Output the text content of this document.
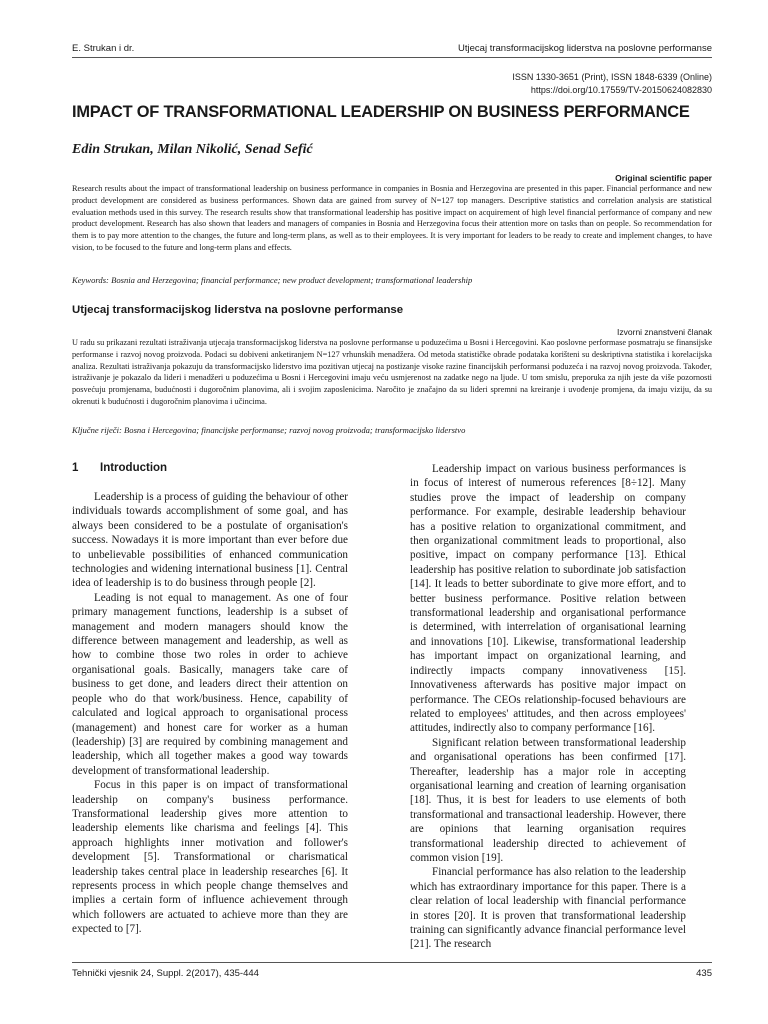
E. Strukan i dr.	Utjecaj transformacijskog liderstva na poslovne performanse
ISSN 1330-3651 (Print), ISSN 1848-6339 (Online)
https://doi.org/10.17559/TV-20150624082830
IMPACT OF TRANSFORMATIONAL LEADERSHIP ON BUSINESS PERFORMANCE
Edin Strukan, Milan Nikolić, Senad Sefić
Original scientific paper

Research results about the impact of transformational leadership on business performance in companies in Bosnia and Herzegovina are presented in this paper. Financial performance and new product development are considered as business performances. Shown data are gained from survey of N=127 top managers. Descriptive statistics and correlation analysis are statistical evaluation methods used in this survey. The research results show that transformational leadership has positive impact on acquirement of high level financial performance of company and new product development. Research has also shown that leaders and managers of companies in Bosnia and Herzegovina focus their attention more on tasks than on people. So recommendation for them is to pay more attention to the changes, the future and long-term plans, as well as to their employees. It is very important for leaders to be ready to create and implement changes, to have vision, to be focused to the future and long-term plans and effects.

Keywords: Bosnia and Herzegovina; financial performance; new product development; transformational leadership
Utjecaj transformacijskog liderstva na poslovne performanse
Izvorni znanstveni članak

U radu su prikazani rezultati istraživanja utjecaja transformacijskog liderstva na poslovne performanse u poduzećima u Bosni i Hercegovini. Kao poslovne performase posmatraju se finansijske performanse i razvoj novog proizvoda. Podaci su dobiveni anketiranjem N=127 vrhunskih menadžera. Od metoda statističke obrade podataka korišteni su deskriptivna statistika i korelacijska analiza. Rezultati istraživanja pokazuju da transformacijsko liderstvo ima pozitivan utjecaj na postizanje visoke razine financijskih performansi poduzeća i na razvoj novog proizvoda. Također, istraživanje je pokazalo da lideri i menadžeri u poduzećima u Bosni i Hercegovini imaju veću usmjerenost na zadatke nego na ljude. U tom smislu, preporuka za njih jeste da više pozornosti posvećuju promjenama, budućnosti i dugoročnim planovima, ali i svojim zaposlenicima. Naročito je značajno da su lideri spremni na kreiranje i uvođenje promjena, da imaju viziju, da su okrenuti k budućnosti i dugoročnim planovima i učincima.

Ključne riječi: Bosna i Hercegovina; financijske performanse; razvoj novog proizvoda; transformacijsko liderstvo
1 Introduction

Leadership is a process of guiding the behaviour of other individuals towards accomplishment of some goal, and has always been considered to be a postulate of organisation's success. Nowadays it is more important than ever before due to unbelievable possibilities of enhanced communication technologies and widening international business [1]. Central idea of leadership is to do business through people [2].

Leading is not equal to management. As one of four primary management functions, leadership is a subset of management and modern managers should know the difference between management and leadership, as well as how to combine those two roles in order to achieve organisational goals. Basically, managers take care of business to get done, and leaders direct their attention on people who do that work/business. Hence, capability of calculated and logical approach to organisational process (management) and honest care for worker as a human (leadership) [3] are required by combining management and leadership, which all together makes a good way towards development of transformational leadership.

Focus in this paper is on impact of transformational leadership on company's business performance. Transformational leadership gives more attention to leadership elements like charisma and feelings [4]. This approach highlights inner motivation and follower's development [5]. Transformational or charismatical leadership takes central place in leadership researches [6]. It represents process in which people change themselves and implies a certain form of influence achievement through which followers are actuated to achieve more than they are expected to [7].

Leadership impact on various business performances is in focus of interest of numerous references [8÷12]. Many studies prove the impact of leadership on company performance. For example, desirable leadership behaviour has a positive relation to organizational commitment, and then organizational commitment leads to proportional, also positive, impact on company performance [13]. Ethical leadership has positive relation to subordinate job satisfaction [14]. It leads to better subordinate to give more effort, and to better business performance. Positive relation between transformational leadership and organisational performance is determined, with interrelation of organisational learning and innovations [10]. Likewise, transformational leadership has important impact on organizational learning, and indirectly impacts company innovativeness [15]. Innovativeness afterwards has positive major impact on performance. The CEOs relationship-focused behaviours are related to employees' attitudes, and then across employees' attitudes, indirectly also to company performance [16].

Significant relation between transformational leadership and organisational operations has been confirmed [17]. Thereafter, leadership has a major role in accepting organisational learning and creation of learning organisation [18]. Thus, it is best for leaders to use elements of both transformational and transactional leadership. However, there are opinions that learning organisation requires transformational leadership directed to achievement of common vision [19].

Financial performance has also relation to the leadership which has extraordinary importance for this paper. There is a clear relation of local leadership with financial performance in stores [20]. It is proven that transformational leadership training can significantly advance financial performance level [21]. The research

Tehnički vjesnik 24, Suppl. 2(2017), 435-444	435
